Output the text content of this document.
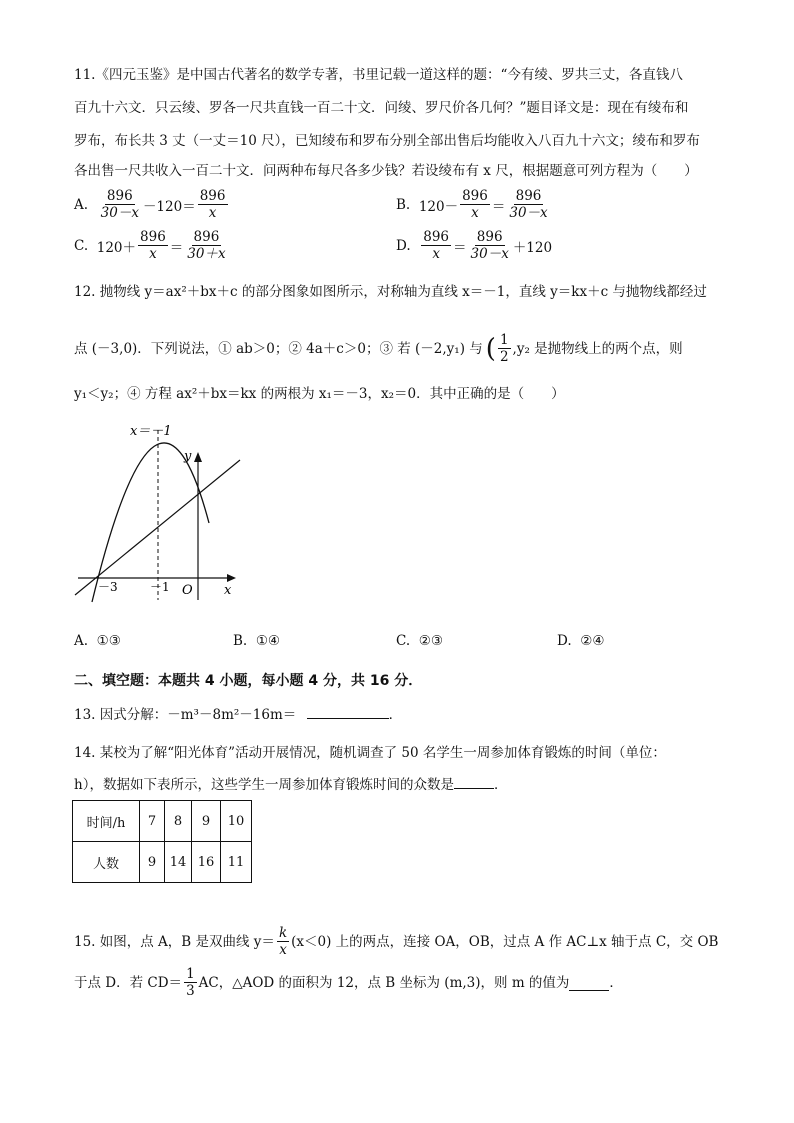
11.《四元玉鉴》是中国古代著名的数学专著，书里记载一道这样的题：“今有绫、罗共三丈，各直钱八
百九十六文．只云绫、罗各一尺共直钱一百二十文．问绫、罗尺价各几何？”题目译文是：现在有绫布和
罗布，布长共 3 丈（一丈＝10 尺），已知绫布和罗布分别全部出售后均能收入八百九十六文；绫布和罗布
各出售一尺共收入一百二十文．问两种布每尺各多少钱？若设绫布有 x 尺，根据题意可列方程为（　　）
A.
$\frac{896}{30-x} -120= \frac{896}{x}$	B.
$120- \frac{896}{x} = \frac{896}{30-x}$
C.
$120+ \frac{896}{x} = \frac{896}{30+x}$	D.
$\frac{896}{x} = \frac{896}{30-x} +120$
12. 抛物线 y＝ax²＋bx＋c 的部分图象如图所示，对称轴为直线 x＝－1，直线 y＝kx＋c 与抛物线都经过
点 (－3,0)．下列说法，① ab＞0；② 4a＋c＞0；③ 若 (－2,y₁) 与 ( $\frac{1}{2} ,y_2$ 是抛物线上的两个点，则
y₁＜y₂；④ 方程 ax²＋bx＝kx 的两根为 x₁＝－3，x₂＝0．其中正确的是（　　）
x＝－1
y
x
O
－3	－1
A.
①③	B.
①④	C.
②③	D.
②④
二、填空题：本题共 4 小题，每小题 4 分，共 16 分．
13. 因式分解：－m³－8m²－16m＝	．
14. 某校为了解“阳光体育”活动开展情况，随机调查了 50 名学生一周参加体育锻炼的时间（单位：
h），数据如下表所示，这些学生一周参加体育锻炼时间的众数是	．
时间/h	7	8	9	10
人数	9	14	16	11
15. 如图，点 A，B 是双曲线 $y= \frac{k}{x} (x<0)$ 上的两点，连接 OA，OB，过点 A 作 AC⊥x 轴于点 C，交 OB
于点 D．若 $CD= \frac{1}{3}$ AC，△AOD 的面积为 12，点 B 坐标为 (m,3)，则 m 的值为	．
